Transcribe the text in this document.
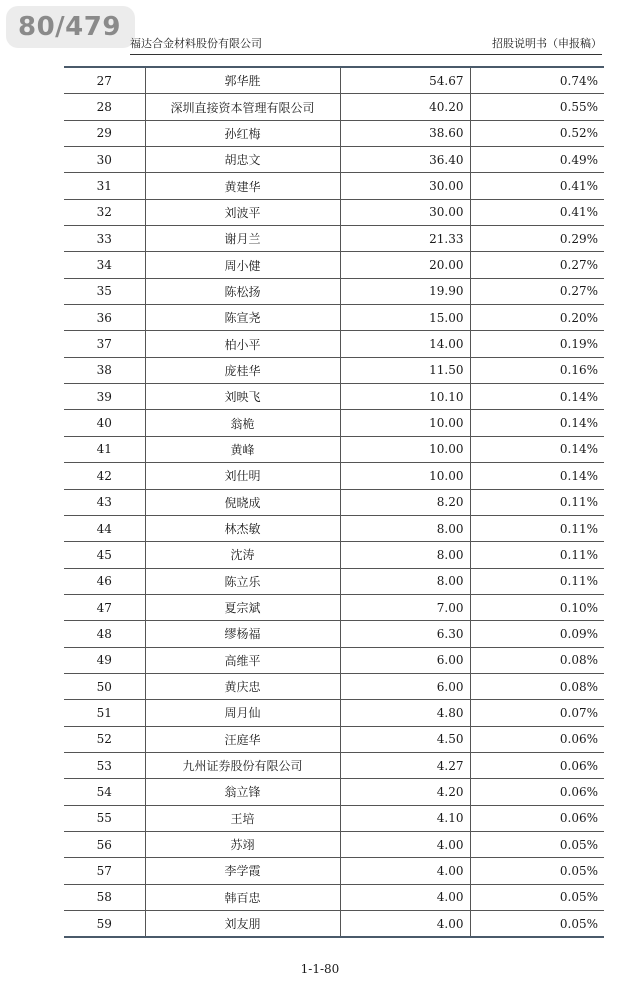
80/479
福达合金材料股份有限公司	招股说明书（申报稿）
27	郭华胜	54.67	0.74%
28	深圳直接资本管理有限公司	40.20	0.55%
29	孙红梅	38.60	0.52%
30	胡忠文	36.40	0.49%
31	黄建华	30.00	0.41%
32	刘波平	30.00	0.41%
33	谢月兰	21.33	0.29%
34	周小健	20.00	0.27%
35	陈松扬	19.90	0.27%
36	陈宣尧	15.00	0.20%
37	柏小平	14.00	0.19%
38	庞桂华	11.50	0.16%
39	刘映飞	10.10	0.14%
40	翁桅	10.00	0.14%
41	黄峰	10.00	0.14%
42	刘仕明	10.00	0.14%
43	倪晓成	8.20	0.11%
44	林杰敏	8.00	0.11%
45	沈涛	8.00	0.11%
46	陈立乐	8.00	0.11%
47	夏宗斌	7.00	0.10%
48	缪杨福	6.30	0.09%
49	高维平	6.00	0.08%
50	黄庆忠	6.00	0.08%
51	周月仙	4.80	0.07%
52	汪庭华	4.50	0.06%
53	九州证券股份有限公司	4.27	0.06%
54	翁立锋	4.20	0.06%
55	王培	4.10	0.06%
56	苏翊	4.00	0.05%
57	李学霞	4.00	0.05%
58	韩百忠	4.00	0.05%
59	刘友朋	4.00	0.05%
1-1-80
